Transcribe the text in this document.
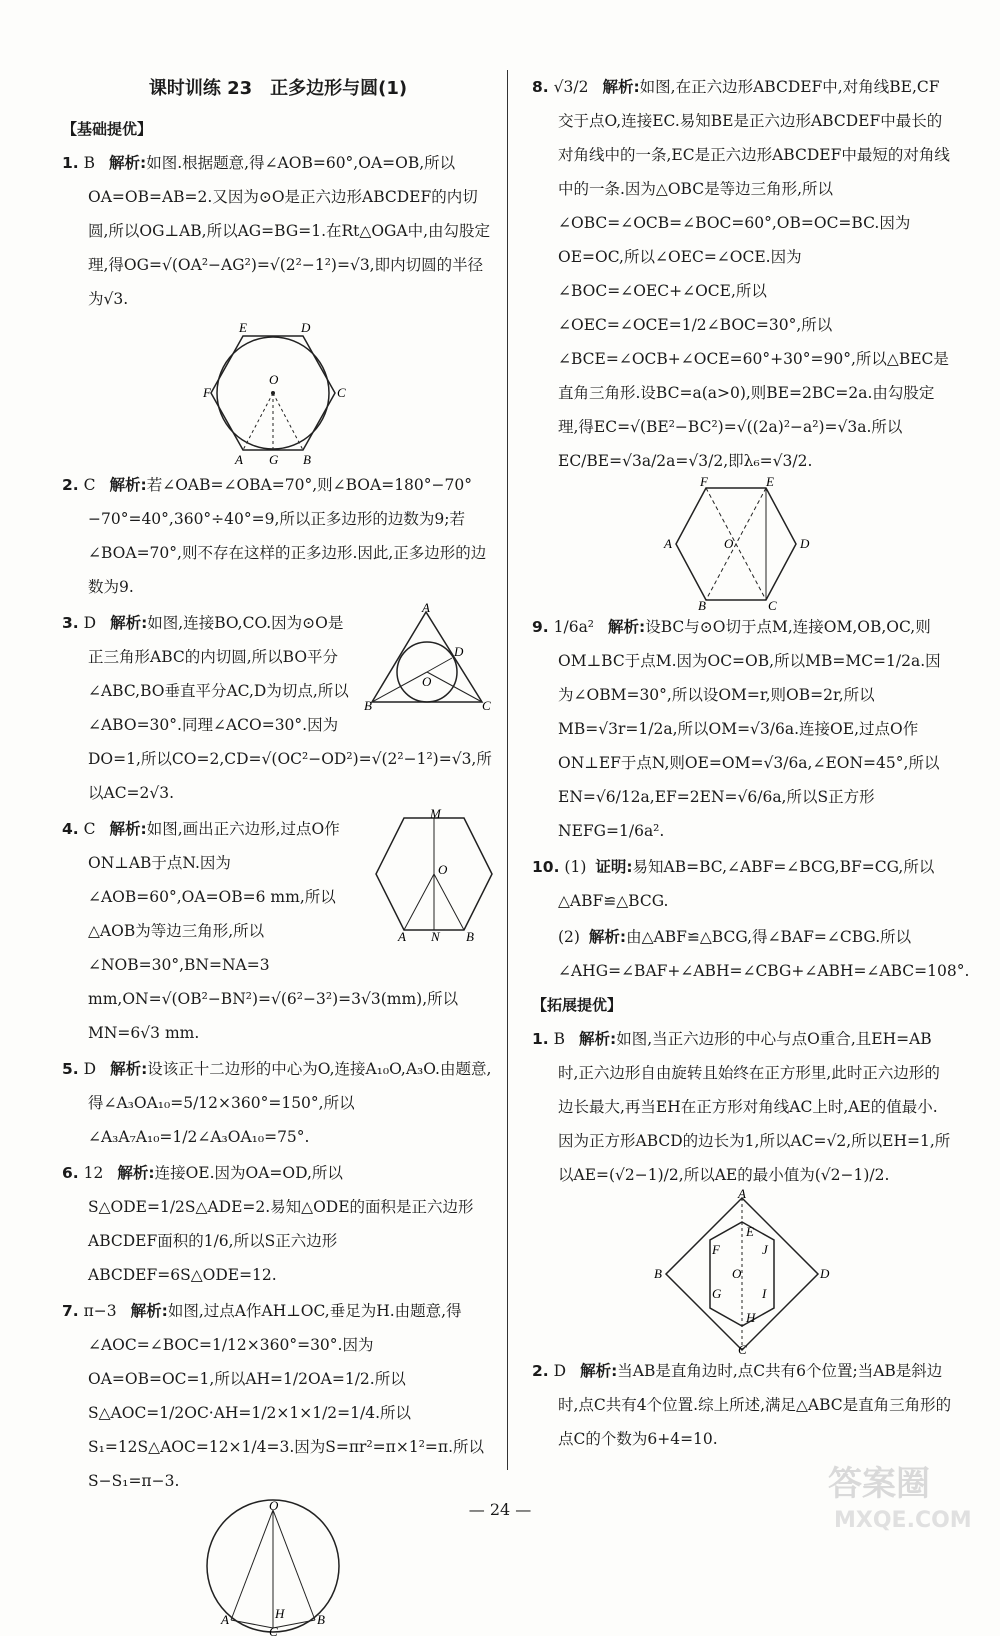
课时训练 23　正多边形与圆(1)

【基础提优】

1. B 解析:如图.根据题意,得∠AOB=60°,OA=OB,所以OA=OB=AB=2.又因为⊙O是正六边形ABCDEF的内切圆,所以OG⊥AB,所以AG=BG=1.在Rt△OGA中,由勾股定理,得OG=√(OA²−AG²)=√(2²−1²)=√3,即内切圆的半径为√3.

E	D
F	C
O
A G B

2. C 解析:若∠OAB=∠OBA=70°,则∠BOA=180°−70°−70°=40°,360°÷40°=9,所以正多边形的边数为9;若∠BOA=70°,则不存在这样的正多边形.因此,正多边形的边数为9.

A
B	C
D
O

3. D 解析:如图,连接BO,CO.因为⊙O是正三角形ABC的内切圆,所以BO平分∠ABC,BO垂直平分AC,D为切点,所以∠ABO=30°.同理∠ACO=30°.因为DO=1,所以CO=2,CD=√(OC²−OD²)=√(2²−1²)=√3,所以AC=2√3.

M
O
A N B

4. C 解析:如图,画出正六边形,过点O作ON⊥AB于点N.因为∠AOB=60°,OA=OB=6 mm,所以△AOB为等边三角形,所以∠NOB=30°,BN=NA=3 mm,ON=√(OB²−BN²)=√(6²−3²)=3√3(mm),所以MN=6√3 mm.

5. D 解析:设该正十二边形的中心为O,连接A₁₀O,A₃O.由题意,得∠A₃OA₁₀=5/12×360°=150°,所以∠A₃A₇A₁₀=1/2∠A₃OA₁₀=75°.

6. 12 解析:连接OE.因为OA=OD,所以S△ODE=1/2S△ADE=2.易知△ODE的面积是正六边形ABCDEF面积的1/6,所以S正六边形ABCDEF=6S△ODE=12.

7. π−3 解析:如图,过点A作AH⊥OC,垂足为H.由题意,得∠AOC=∠BOC=1/12×360°=30°.因为OA=OB=OC=1,所以AH=1/2OA=1/2.所以S△AOC=1/2OC·AH=1/2×1×1/2=1/4.所以S₁=12S△AOC=12×1/4=3.因为S=πr²=π×1²=π.所以S−S₁=π−3.

O
A	B
H
C

8. √3/2 解析:如图,在正六边形ABCDEF中,对角线BE,CF交于点O,连接EC.易知BE是正六边形ABCDEF中最长的对角线中的一条,EC是正六边形ABCDEF中最短的对角线中的一条.因为△OBC是等边三角形,所以∠OBC=∠OCB=∠BOC=60°,OB=OC=BC.因为OE=OC,所以∠OEC=∠OCE.因为∠BOC=∠OEC+∠OCE,所以∠OEC=∠OCE=1/2∠BOC=30°,所以∠BCE=∠OCB+∠OCE=60°+30°=90°,所以△BEC是直角三角形.设BC=a(a>0),则BE=2BC=2a.由勾股定理,得EC=√(BE²−BC²)=√((2a)²−a²)=√3a.所以EC/BE=√3a/2a=√3/2,即λ₆=√3/2.

F	E
A	D
O
B	C

9. 1/6a² 解析:设BC与⊙O切于点M,连接OM,OB,OC,则OM⊥BC于点M.因为OC=OB,所以MB=MC=1/2a.因为∠OBM=30°,所以设OM=r,则OB=2r,所以MB=√3r=1/2a,所以OM=√3/6a.连接OE,过点O作ON⊥EF于点N,则OE=OM=√3/6a,∠EON=45°,所以EN=√6/12a,EF=2EN=√6/6a,所以S正方形NEFG=1/6a².

10. (1) 证明:易知AB=BC,∠ABF=∠BCG,BF=CG,所以△ABF≌△BCG.

(2) 解析:由△ABF≌△BCG,得∠BAF=∠CBG.所以∠AHG=∠BAF+∠ABH=∠CBG+∠ABH=∠ABC=108°.

【拓展提优】

1. B 解析:如图,当正六边形的中心与点O重合,且EH=AB时,正六边形自由旋转且始终在正方形里,此时正六边形的边长最大,再当EH在正方形对角线AC上时,AE的值最小.因为正方形ABCD的边长为1,所以AC=√2,所以EH=1,所以AE=(√2−1)/2,所以AE的最小值为(√2−1)/2.

A
B	D
C
O
E
F
G
H
I
J

2. D 解析:当AB是直角边时,点C共有6个位置;当AB是斜边时,点C共有4个位置.综上所述,满足△ABC是直角三角形的点C的个数为6+4=10.

— 24 —
答案圈
MXQE.COM
